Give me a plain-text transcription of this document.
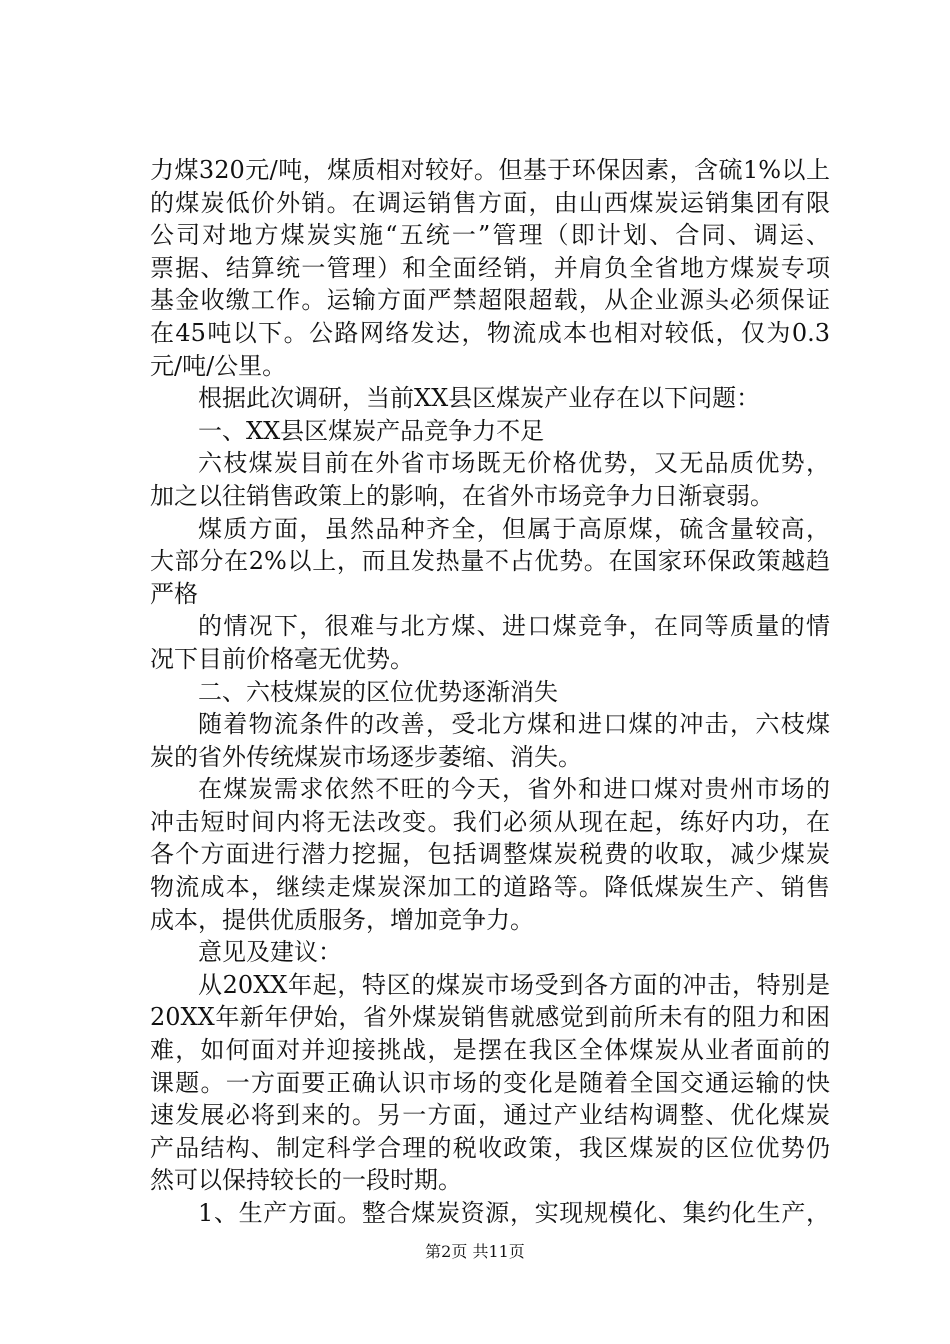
力煤320元/吨，煤质相对较好。但基于环保因素，含硫1%以上
的煤炭低价外销。在调运销售方面，由山西煤炭运销集团有限
公司对地方煤炭实施“五统一”管理（即计划、合同、调运、
票据、结算统一管理）和全面经销，并肩负全省地方煤炭专项
基金收缴工作。运输方面严禁超限超载，从企业源头必须保证
在45吨以下。公路网络发达，物流成本也相对较低，仅为0.3
元/吨/公里。
根据此次调研，当前XX县区煤炭产业存在以下问题：
一、XX县区煤炭产品竞争力不足
六枝煤炭目前在外省市场既无价格优势，又无品质优势，
加之以往销售政策上的影响，在省外市场竞争力日渐衰弱。
煤质方面，虽然品种齐全，但属于高原煤，硫含量较高，
大部分在2%以上，而且发热量不占优势。在国家环保政策越趋
严格
的情况下，很难与北方煤、进口煤竞争，在同等质量的情
况下目前价格毫无优势。
二、六枝煤炭的区位优势逐渐消失
随着物流条件的改善，受北方煤和进口煤的冲击，六枝煤
炭的省外传统煤炭市场逐步萎缩、消失。
在煤炭需求依然不旺的今天，省外和进口煤对贵州市场的
冲击短时间内将无法改变。我们必须从现在起，练好内功，在
各个方面进行潜力挖掘，包括调整煤炭税费的收取，减少煤炭
物流成本，继续走煤炭深加工的道路等。降低煤炭生产、销售
成本，提供优质服务，增加竞争力。
意见及建议：
从20XX年起，特区的煤炭市场受到各方面的冲击，特别是
20XX年新年伊始，省外煤炭销售就感觉到前所未有的阻力和困
难，如何面对并迎接挑战，是摆在我区全体煤炭从业者面前的
课题。一方面要正确认识市场的变化是随着全国交通运输的快
速发展必将到来的。另一方面，通过产业结构调整、优化煤炭
产品结构、制定科学合理的税收政策，我区煤炭的区位优势仍
然可以保持较长的一段时期。
1、生产方面。整合煤炭资源，实现规模化、集约化生产，
第2页 共11页
